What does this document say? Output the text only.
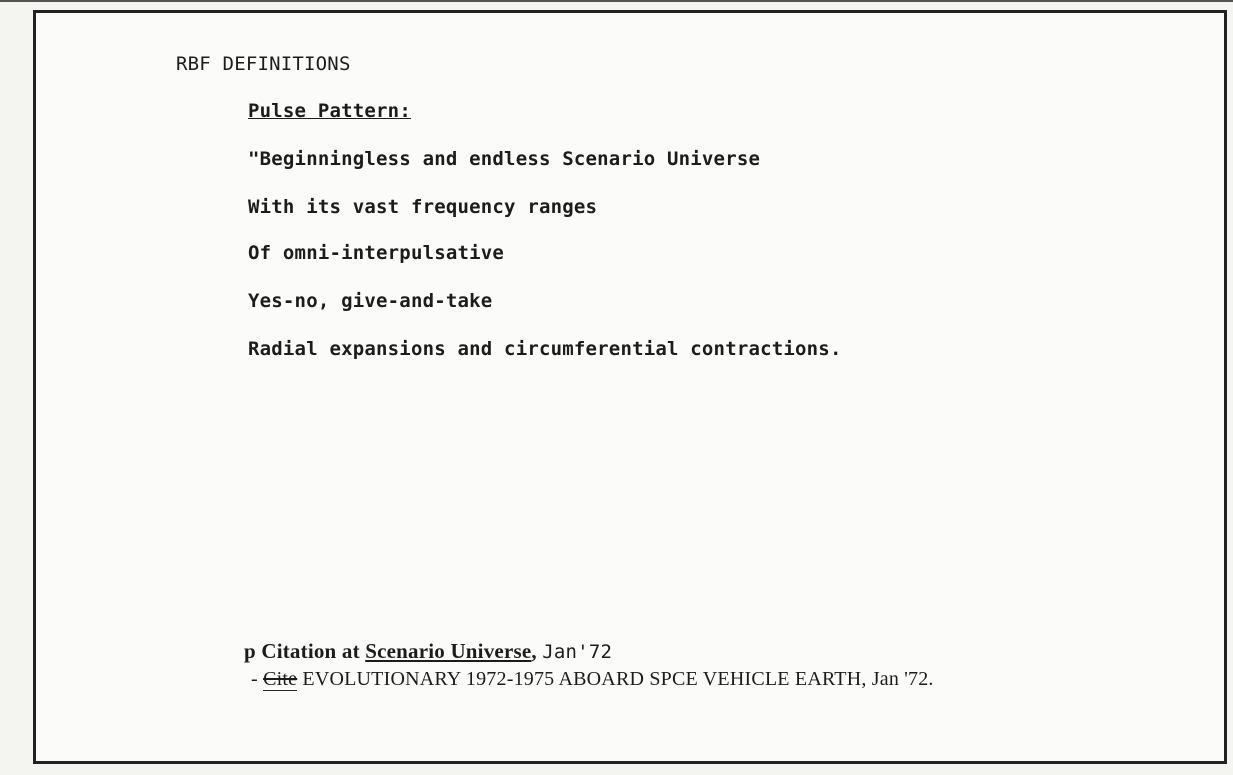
RBF DEFINITIONS
Pulse Pattern:
"Beginningless and endless Scenario Universe
With its vast frequency ranges
Of omni-interpulsative
Yes-no, give-and-take
Radial expansions and circumferential contractions.
p Citation at Scenario Universe, Jan'72
- Cite EVOLUTIONARY 1972-1975 ABOARD SPCE VEHICLE EARTH, Jan '72.
